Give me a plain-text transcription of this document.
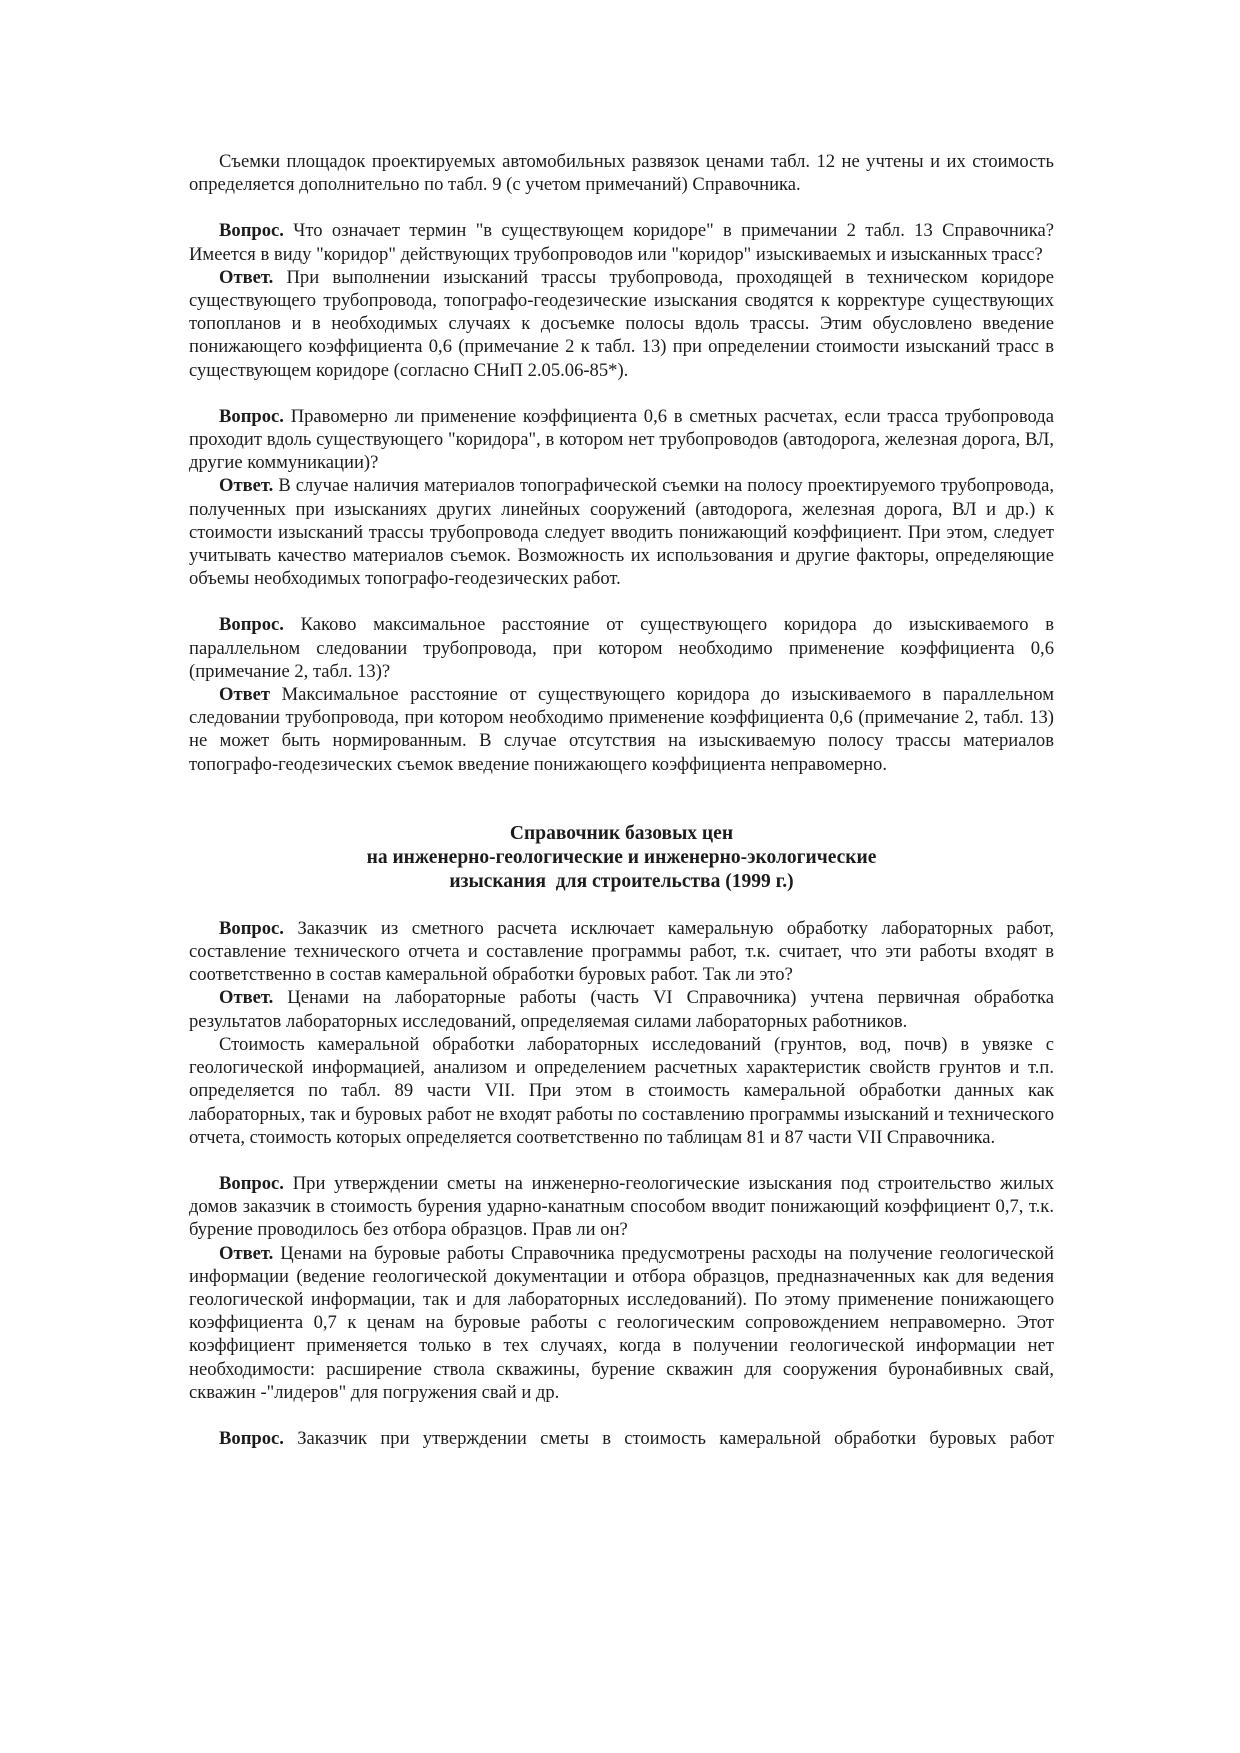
Съемки площадок проектируемых автомобильных развязок ценами табл. 12 не учтены и их стоимость определяется дополнительно по табл. 9 (с учетом примечаний) Справочника.

Вопрос. Что означает термин "в существующем коридоре" в примечании 2 табл. 13 Справочника? Имеется в виду "коридор" действующих трубопроводов или "коридор" изыскиваемых и изысканных трасс?

Ответ. При выполнении изысканий трассы трубопровода, проходящей в техническом коридоре существующего трубопровода, топографо-геодезические изыскания сводятся к корректуре существующих топопланов и в необходимых случаях к досъемке полосы вдоль трассы. Этим обусловлено введение понижающего коэффициента 0,6 (примечание 2 к табл. 13) при определении стоимости изысканий трасс в существующем коридоре (согласно СНиП 2.05.06-85*).

Вопрос. Правомерно ли применение коэффициента 0,6 в сметных расчетах, если трасса трубопровода проходит вдоль существующего "коридора", в котором нет трубопроводов (автодорога, железная дорога, ВЛ, другие коммуникации)?

Ответ. В случае наличия материалов топографической съемки на полосу проектируемого трубопровода, полученных при изысканиях других линейных сооружений (автодорога, железная дорога, ВЛ и др.) к стоимости изысканий трассы трубопровода следует вводить понижающий коэффициент. При этом, следует учитывать качество материалов съемок. Возможность их использования и другие факторы, определяющие объемы необходимых топографо-геодезических работ.

Вопрос. Каково максимальное расстояние от существующего коридора до изыскиваемого в параллельном следовании трубопровода, при котором необходимо применение коэффициента 0,6 (примечание 2, табл. 13)?

Ответ Максимальное расстояние от существующего коридора до изыскиваемого в параллельном следовании трубопровода, при котором необходимо применение коэффициента 0,6 (примечание 2, табл. 13) не может быть нормированным. В случае отсутствия на изыскиваемую полосу трассы материалов топографо-геодезических съемок введение понижающего коэффициента неправомерно.

Справочник базовых цен

на инженерно-геологические и инженерно-экологические

изыскания  для строительства (1999 г.)

Вопрос. Заказчик из сметного расчета исключает камеральную обработку лабораторных работ, составление технического отчета и составление программы работ, т.к. считает, что эти работы входят в соответственно в состав камеральной обработки буровых работ. Так ли это?

Ответ. Ценами на лабораторные работы (часть VI Справочника) учтена первичная обработка результатов лабораторных исследований, определяемая силами лабораторных работников.

Стоимость камеральной обработки лабораторных исследований (грунтов, вод, почв) в увязке с геологической информацией, анализом и определением расчетных характеристик свойств грунтов и т.п. определяется по табл. 89 части VII. При этом в стоимость камеральной обработки данных как лабораторных, так и буровых работ не входят работы по составлению программы изысканий и технического отчета, стоимость которых определяется соответственно по таблицам 81 и 87 части VII Справочника.

Вопрос. При утверждении сметы на инженерно-геологические изыскания под строительство жилых домов заказчик в стоимость бурения ударно-канатным способом вводит понижающий коэффициент 0,7, т.к. бурение проводилось без отбора образцов. Прав ли он?

Ответ. Ценами на буровые работы Справочника предусмотрены расходы на получение геологической информации (ведение геологической документации и отбора образцов, предназначенных как для ведения геологической информации, так и для лабораторных исследований). По этому применение понижающего коэффициента 0,7 к ценам на буровые работы с геологическим сопровождением неправомерно. Этот коэффициент применяется только в тех случаях, когда в получении геологической информации нет необходимости: расширение ствола скважины, бурение скважин для сооружения буронабивных свай, скважин -"лидеров" для погружения свай и др.

Вопрос. Заказчик при утверждении сметы в стоимость камеральной обработки буровых работ
